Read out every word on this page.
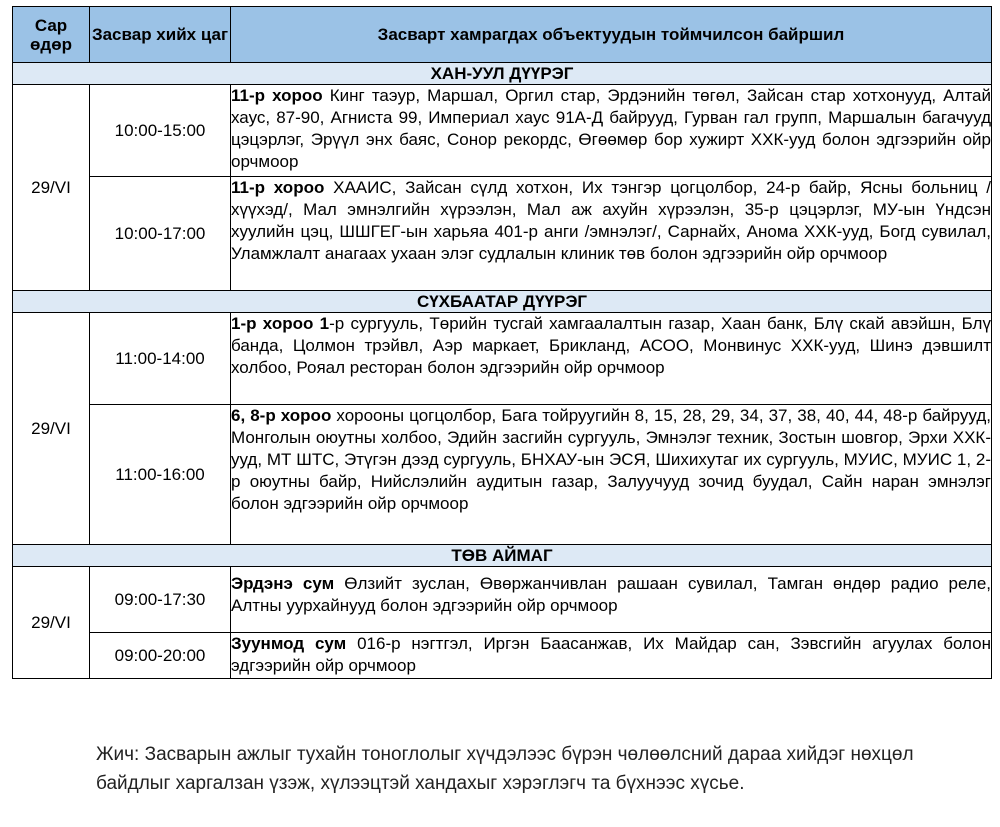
Сар өдөр	Засвар хийх цаг	Засварт хамрагдах объектуудын тоймчилсон байршил
ХАН-УУЛ ДҮҮРЭГ		
29/VI	10:00-15:00	11-р хороо Кинг таэур, Маршал, Оргил стар, Эрдэнийн төгөл, Зайсан стар хотхонууд, Алтай хаус, 87-90, Агниста 99, Империал хаус 91А-Д байрууд, Гурван гал групп, Маршалын багачууд цэцэрлэг, Эрүүл энх баяс, Сонор рекордс, Өгөөмөр бор хужирт ХХК-ууд болон эдгээрийн ойр орчмоор
	10:00-17:00	11-р хороо ХААИС, Зайсан сүлд хотхон, Их тэнгэр цогцолбор, 24-р байр, Ясны больниц /хүүхэд/, Мал эмнэлгийн хүрээлэн, Мал аж ахуйн хүрээлэн, 35-р цэцэрлэг, МУ-ын Үндсэн хуулийн цэц, ШШГЕГ-ын харьяа 401-р анги /эмнэлэг/, Сарнайх, Анома ХХК-ууд, Богд сувилал, Уламжлалт анагаах ухаан элэг судлалын клиник төв болон эдгээрийн ойр орчмоор
СҮХБААТАР ДҮҮРЭГ		
29/VI	11:00-14:00	1-р хороо 1-р сургууль, Төрийн тусгай хамгаалалтын газар, Хаан банк, Блү скай авэйшн, Блү банда, Цолмон трэйвл, Аэр маркает, Брикланд, АСОО, Монвинус ХХК-ууд, Шинэ дэвшилт холбоо, Рояал ресторан болон эдгээрийн ойр орчмоор
	11:00-16:00	6, 8-р хороо хорооны цогцолбор, Бага тойруугийн 8, 15, 28, 29, 34, 37, 38, 40, 44, 48-р байрууд, Монголын оюутны холбоо, Эдийн засгийн сургууль, Эмнэлэг техник, Зостын шовгор, Эрхи ХХК-ууд, МТ ШТС, Этүгэн дээд сургууль, БНХАУ-ын ЭСЯ, Шихихутаг их сургууль, МУИС, МУИС 1, 2-р оюутны байр, Нийслэлийн аудитын газар, Залуучууд зочид буудал, Сайн наран эмнэлэг болон эдгээрийн ойр орчмоор
ТӨВ АЙМАГ		
29/VI	09:00-17:30	Эрдэнэ сум Өлзийт зуслан, Өвөржанчивлан рашаан сувилал, Тамган өндөр радио реле, Алтны уурхайнууд болон эдгээрийн ойр орчмоор
	09:00-20:00	Зуунмод сум 016-р нэгтгэл, Иргэн Баасанжав, Их Майдар сан, Зэвсгийн агуулах болон эдгээрийн ойр орчмоор
Жич: Засварын ажлыг тухайн тоноглолыг хүчдэлээс бүрэн чөлөөлсний дараа хийдэг нөхцөл байдлыг харгалзан үзэж, хүлээцтэй хандахыг хэрэглэгч та бүхнээс хүсье.
